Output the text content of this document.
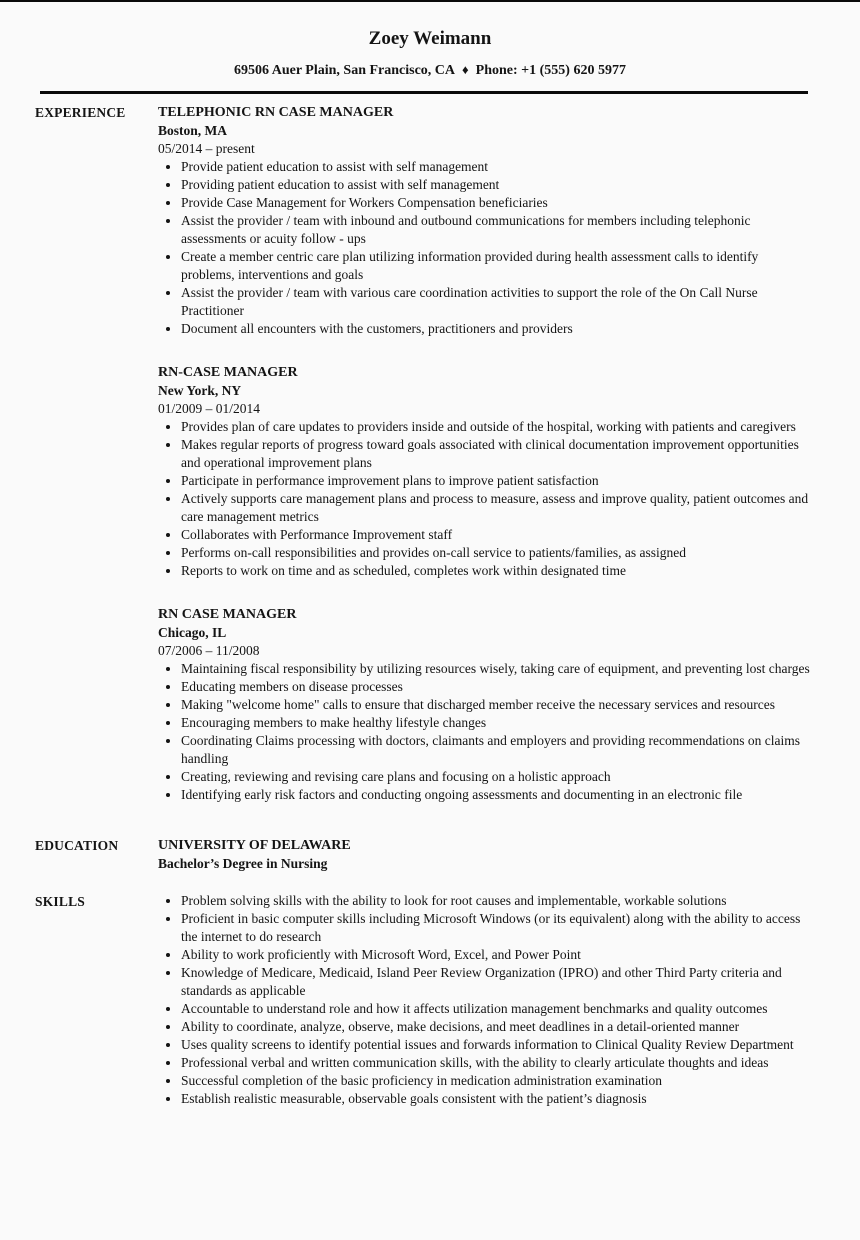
Zoey Weimann
69506 Auer Plain, San Francisco, CA ♦ Phone: +1 (555) 620 5977
EXPERIENCE	TELEPHONIC RN CASE MANAGER
Boston, MA
05/2014 – present
• Provide patient education to assist with self management
• Providing patient education to assist with self management
• Provide Case Management for Workers Compensation beneficiaries
• Assist the provider / team with inbound and outbound communications for members including telephonic assessments or acuity follow - ups
• Create a member centric care plan utilizing information provided during health assessment calls to identify problems, interventions and goals
• Assist the provider / team with various care coordination activities to support the role of the On Call Nurse Practitioner
• Document all encounters with the customers, practitioners and providers
RN-CASE MANAGER
New York, NY
01/2009 – 01/2014
• Provides plan of care updates to providers inside and outside of the hospital, working with patients and caregivers
• Makes regular reports of progress toward goals associated with clinical documentation improvement opportunities and operational improvement plans
• Participate in performance improvement plans to improve patient satisfaction
• Actively supports care management plans and process to measure, assess and improve quality, patient outcomes and care management metrics
• Collaborates with Performance Improvement staff
• Performs on-call responsibilities and provides on-call service to patients/families, as assigned
• Reports to work on time and as scheduled, completes work within designated time
RN CASE MANAGER
Chicago, IL
07/2006 – 11/2008
• Maintaining fiscal responsibility by utilizing resources wisely, taking care of equipment, and preventing lost charges
• Educating members on disease processes
• Making "welcome home" calls to ensure that discharged member receive the necessary services and resources
• Encouraging members to make healthy lifestyle changes
• Coordinating Claims processing with doctors, claimants and employers and providing recommendations on claims handling
• Creating, reviewing and revising care plans and focusing on a holistic approach
• Identifying early risk factors and conducting ongoing assessments and documenting in an electronic file
EDUCATION	UNIVERSITY OF DELAWARE
Bachelor’s Degree in Nursing
SKILLS	• Problem solving skills with the ability to look for root causes and implementable, workable solutions
• Proficient in basic computer skills including Microsoft Windows (or its equivalent) along with the ability to access the internet to do research
• Ability to work proficiently with Microsoft Word, Excel, and Power Point
• Knowledge of Medicare, Medicaid, Island Peer Review Organization (IPRO) and other Third Party criteria and standards as applicable
• Accountable to understand role and how it affects utilization management benchmarks and quality outcomes
• Ability to coordinate, analyze, observe, make decisions, and meet deadlines in a detail-oriented manner
• Uses quality screens to identify potential issues and forwards information to Clinical Quality Review Department
• Professional verbal and written communication skills, with the ability to clearly articulate thoughts and ideas
• Successful completion of the basic proficiency in medication administration examination
• Establish realistic measurable, observable goals consistent with the patient’s diagnosis
